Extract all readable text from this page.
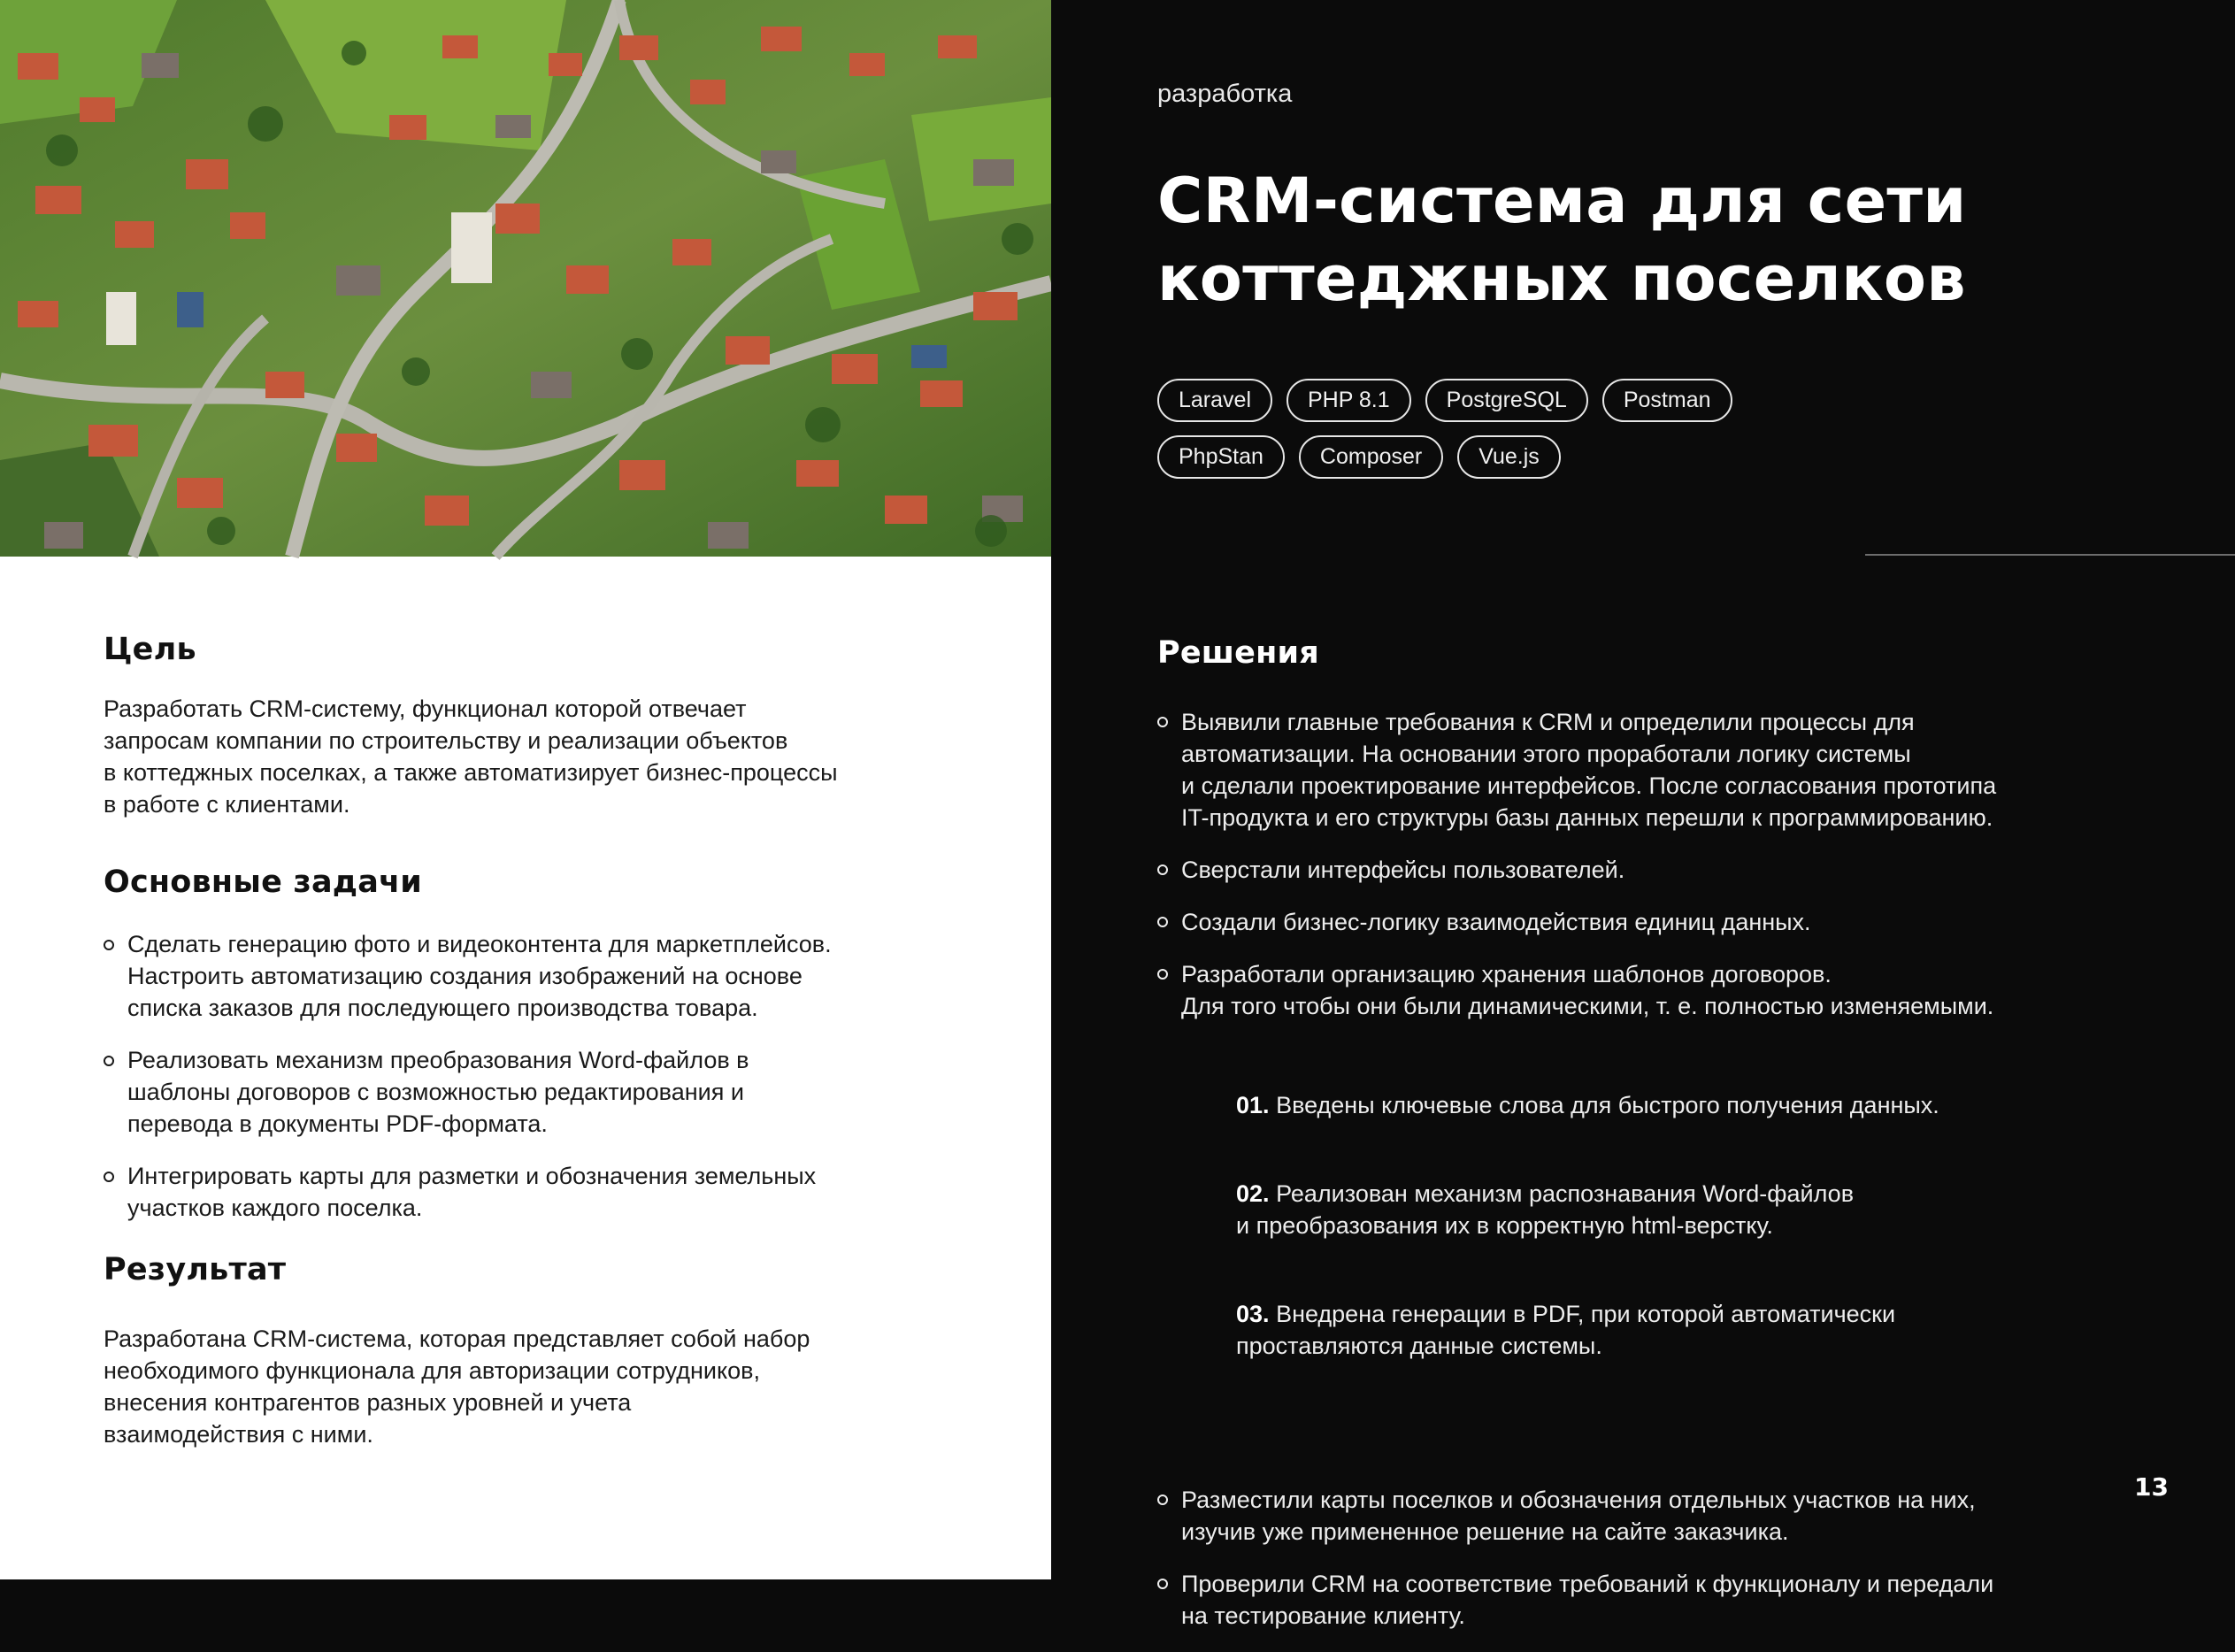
Цель

Разработать CRM-систему, функционал которой отвечает
запросам компании по строительству и реализации объектов
в коттеджных поселках, а также автоматизирует бизнес-процессы
в работе с клиентами.

Основные задачи
Сделать генерацию фото и видеоконтента для маркетплейсов.
Настроить автоматизацию создания изображений на основе
списка заказов для последующего производства товара.
Реализовать механизм преобразования Word-файлов в
шаблоны договоров с возможностью редактирования и
перевода в документы PDF-формата.
Интегрировать карты для разметки и обозначения земельных
участков каждого поселка.
Результат

Разработана CRM-система, которая представляет собой набор
необходимого функционала для авторизации сотрудников,
внесения контрагентов разных уровней и учета
взаимодействия с ними.

разработка
CRM-система для сети
коттеджных поселков
Laravel	PHP 8.1	PostgreSQL	Postman
PhpStan	Composer	Vue.js
Решения
Выявили главные требования к CRM и определили процессы для
автоматизации. На основании этого проработали логику системы
и сделали проектирование интерфейсов. После согласования прототипа
IT-продукта и его структуры базы данных перешли к программированию.
Сверстали интерфейсы пользователей.
Создали бизнес-логику взаимодействия единиц данных.
Разработали организацию хранения шаблонов договоров.
Для того чтобы они были динамическими, т. е. полностью изменяемыми.

01. Введены ключевые слова для быстрого получения данных.

02. Реализован механизм распознавания Word-файлов
и преобразования их в корректную html-верстку.

03. Внедрена генерации в PDF, при которой автоматически
проставляются данные системы.

Разместили карты поселков и обозначения отдельных участков на них,
изучив уже примененное решение на сайте заказчика.
Проверили CRM на соответствие требований к функционалу и передали
на тестирование клиенту.
13
